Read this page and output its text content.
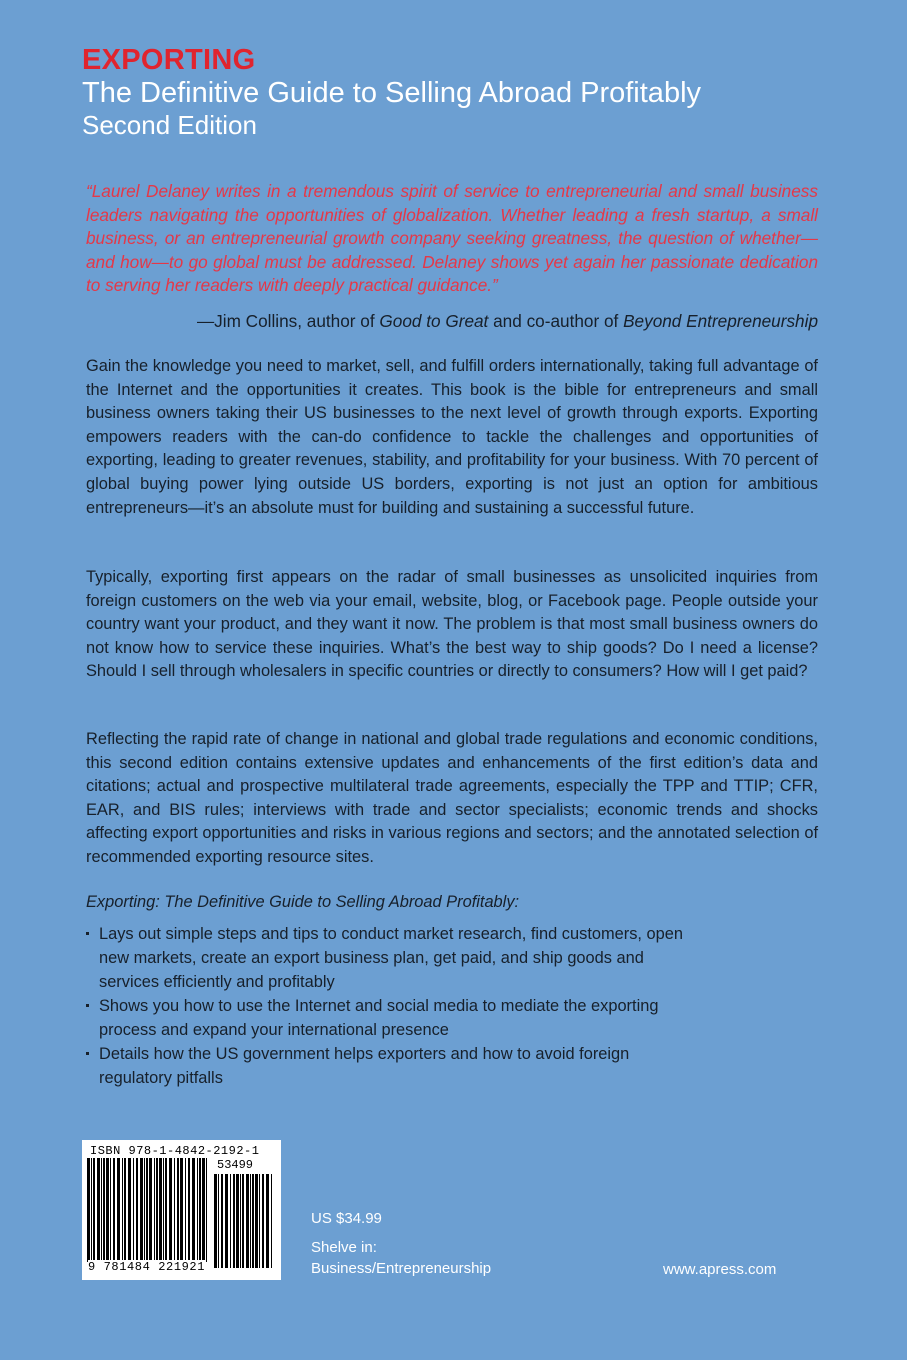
EXPORTING
The Definitive Guide to Selling Abroad Profitably
Second Edition

“Laurel Delaney writes in a tremendous spirit of service to entrepreneurial and small business leaders navigating the opportunities of globalization. Whether leading a fresh startup, a small business, or an entrepreneurial growth company seeking greatness, the question of whether—and how—to go global must be addressed. Delaney shows yet again her passionate dedication to serving her readers with deeply practical guidance.”

—Jim Collins, author of Good to Great and co-author of Beyond Entrepreneurship

Gain the knowledge you need to market, sell, and fulfill orders internationally, taking full advantage of the Internet and the opportunities it creates. This book is the bible for entrepreneurs and small business owners taking their US businesses to the next level of growth through exports. Exporting empowers readers with the can-do confidence to tackle the challenges and opportunities of exporting, leading to greater revenues, stability, and profitability for your business. With 70 percent of global buying power lying outside US borders, exporting is not just an option for ambitious entrepreneurs—it’s an absolute must for building and sustaining a successful future.

Typically, exporting first appears on the radar of small businesses as unsolicited inquiries from foreign customers on the web via your email, website, blog, or Facebook page. People outside your country want your product, and they want it now. The problem is that most small business owners do not know how to service these inquiries. What’s the best way to ship goods? Do I need a license? Should I sell through wholesalers in specific countries or directly to consumers? How will I get paid?

Reflecting the rapid rate of change in national and global trade regulations and economic conditions, this second edition contains extensive updates and enhancements of the first edition’s data and citations; actual and prospective multilateral trade agreements, especially the TPP and TTIP; CFR, EAR, and BIS rules; interviews with trade and sector specialists; economic trends and shocks affecting export opportunities and risks in various regions and sectors; and the annotated selection of recommended exporting resource sites.

Exporting: The Definitive Guide to Selling Abroad Profitably:
Lays out simple steps and tips to conduct market research, find customers, open new markets, create an export business plan, get paid, and ship goods and services efficiently and profitably
Shows you how to use the Internet and social media to mediate the exporting process and expand your international presence
Details how the US government helps exporters and how to avoid foreign regulatory pitfalls
ISBN 978-1-4842-2192-1
53499
9 781484 221921
US $34.99
Shelve in:
Business/Entrepreneurship	www.apress.com
